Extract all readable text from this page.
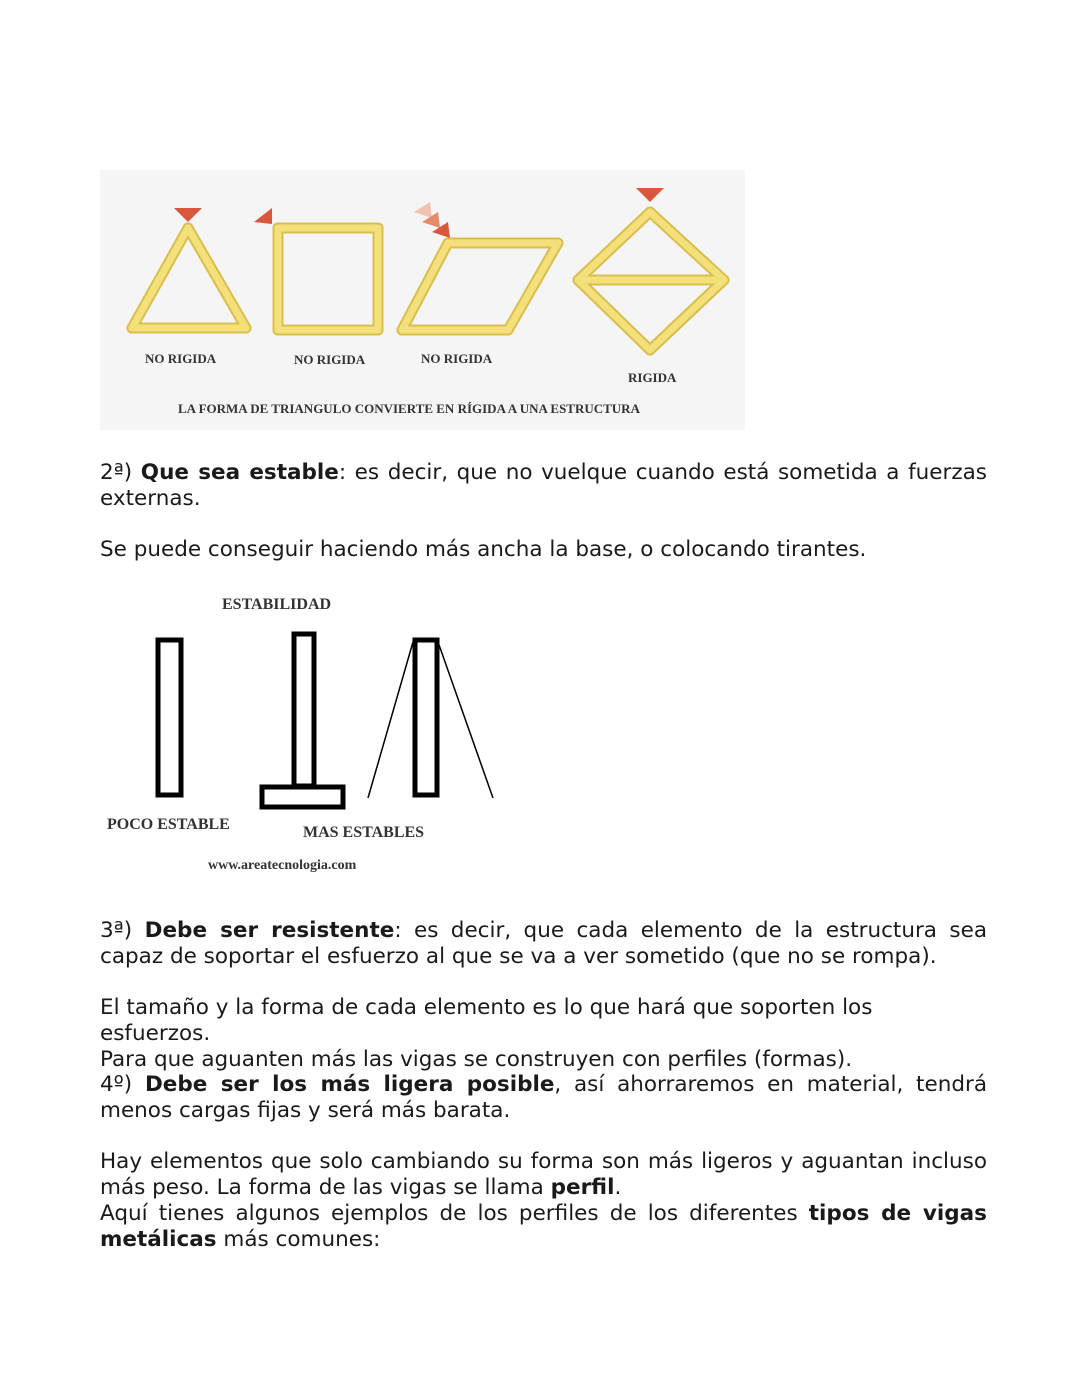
NO RIGIDA	NO RIGIDA	NO RIGIDA
RIGIDA
LA FORMA DE TRIANGULO CONVIERTE EN RÍGIDA A UNA ESTRUCTURA

2ª) Que sea estable: es decir, que no vuelque cuando está sometida a fuerzas externas.

Se puede conseguir haciendo más ancha la base, o colocando tirantes.

ESTABILIDAD
POCO ESTABLE	MAS ESTABLES
www.areatecnologia.com

3ª) Debe ser resistente: es decir, que cada elemento de la estructura sea capaz de soportar el esfuerzo al que se va a ver sometido (que no se rompa).

El tamaño y la forma de cada elemento es lo que hará que soporten los esfuerzos.
Para que aguanten más las vigas se construyen con perfiles (formas).

4º) Debe ser los más ligera posible, así ahorraremos en material, tendrá menos cargas fijas y será más barata.

Hay elementos que solo cambiando su forma son más ligeros y aguantan incluso más peso. La forma de las vigas se llama perfil.
Aquí tienes algunos ejemplos de los perfiles de los diferentes tipos de vigas metálicas más comunes:
